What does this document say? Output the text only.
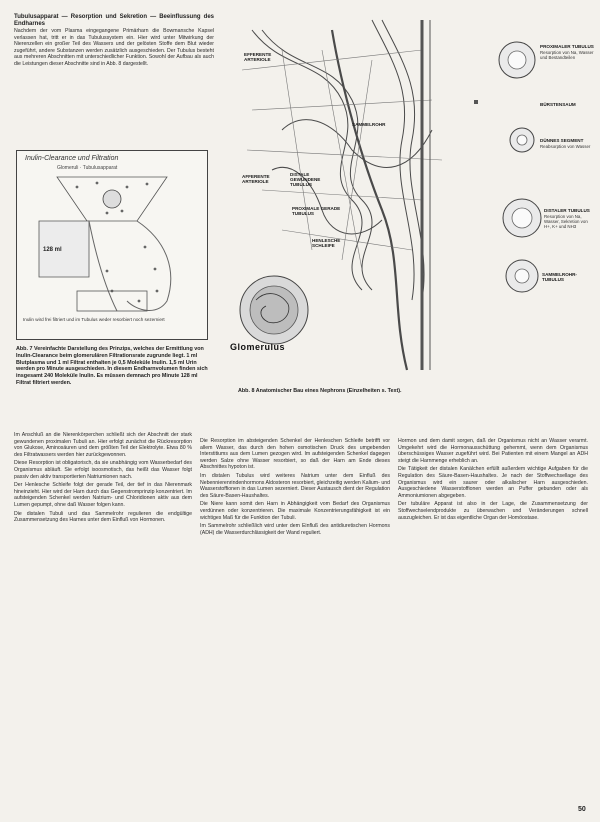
Tubulusapparat — Resorption und Sekretion — Beeinflussung des Endharnes

Nachdem der vom Plasma eingegangene Primärharn die Bowmansche Kapsel verlassen hat, tritt er in das Tubulussystem ein. Hier wird unter Mitwirkung der Nierenzellen ein großer Teil des Wassers und der gelösten Stoffe dem Blut wieder zugeführt, andere Substanzen werden zusätzlich ausgeschieden. Der Tubulus besteht aus mehreren Abschnitten mit unterschiedlicher Funktion. Sowohl der Aufbau als auch die Leistungen dieser Abschnitte sind in Abb. 8 dargestellt.

Inulin-Clearance und Filtration
Glomeruli · Tubulusapparat
128 ml
Inulin wird frei filtriert und im Tubulus weder resorbiert noch sezerniert
Abb. 7 Vereinfachte Darstellung des Prinzips, welches der Ermittlung von Inulin-Clearance beim glomerulären Filtrationsrate zugrunde liegt. 1 ml Blutplasma und 1 ml Filtrat enthalten je 0,5 Moleküle Inulin. 1,5 ml Urin werden pro Minute ausgeschieden. In diesem Endharnvolumen finden sich insgesamt 240 Moleküle Inulin. Es müssen demnach pro Minute 128 ml Filtrat filtriert werden.
EFFERENTE ARTERIOLE
AFFERENTE ARTERIOLE
DISTALE GEWUNDENE TUBULUS
PROXIMALE GERADE TUBULUS
HENLESCHE SCHLEIFE
SAMMELROHR
Glomerulus
PROXIMALER TUBULUS
Resorption von Na, Wasser und Bestandteilen
BÜRSTENSAUM
DÜNNES SEGMENT
Reabsorption von Wasser
DISTALER TUBULUS
Resorption von Na, Wasser, Sekretion von H+, K+ und NH3
SAMMELROHR-TUBULUS
Abb. 8 Anatomischer Bau eines Nephrons (Einzelheiten s. Text).

Im Anschluß an die Nierenkörperchen schließt sich der Abschnitt der stark gewundenen proximalen Tubuli an. Hier erfolgt zunächst die Rückresorption von Glukose, Aminosäuren und dem größten Teil der Elektrolyte. Etwa 80 % des Filtratwassers werden hier zurückgewonnen.

Diese Resorption ist obligatorisch, da sie unabhängig vom Wasserbedarf des Organismus abläuft. Sie erfolgt isoosmotisch, das heißt das Wasser folgt passiv den aktiv transportierten Natriumionen nach.

Der Henlesche Schleife folgt der gerade Teil, der tief in das Nierenmark hineinzieht. Hier wird der Harn durch das Gegenstromprinzip konzentriert. Im aufsteigenden Schenkel werden Natrium- und Chloridionen aktiv aus dem Lumen gepumpt, ohne daß Wasser folgen kann.

Die distalen Tubuli und das Sammelrohr regulieren die endgültige Zusammensetzung des Harnes unter dem Einfluß von Hormonen.

Die Resorption im absteigenden Schenkel der Henleschen Schleife betrifft vor allem Wasser, das durch den hohen osmotischen Druck des umgebenden Interstitiums aus dem Lumen gezogen wird. Im aufsteigenden Schenkel dagegen werden Salze ohne Wasser resorbiert, so daß der Harn am Ende dieses Abschnittes hypoton ist.

Im distalen Tubulus wird weiteres Natrium unter dem Einfluß des Nebennierenrindenhormons Aldosteron resorbiert, gleichzeitig werden Kalium- und Wasserstoffionen in das Lumen sezerniert. Dieser Austausch dient der Regulation des Säure-Basen-Haushaltes.

Die Niere kann somit den Harn in Abhängigkeit vom Bedarf des Organismus verdünnen oder konzentrieren. Die maximale Konzentrierungsfähigkeit ist ein wichtiges Maß für die Funktion der Tubuli.

Im Sammelrohr schließlich wird unter dem Einfluß des antidiuretischen Hormons (ADH) die Wasserdurchlässigkeit der Wand reguliert.

Hormon und dem damit sorgen, daß der Organismus nicht an Wasser verarmt. Umgekehrt wird die Hormonausschüttung gehemmt, wenn dem Organismus überschüssiges Wasser zugeführt wird. Bei Patienten mit einem Mangel an ADH steigt die Harnmenge erheblich an.

Die Tätigkeit der distalen Kanälchen erfüllt außerdem wichtige Aufgaben für die Regulation des Säure-Basen-Haushaltes. Je nach der Stoffwechsellage des Organismus wird ein saurer oder alkalischer Harn ausgeschieden. Ausgeschiedene Wasserstoffionen werden an Puffer gebunden oder als Ammoniumionen abgegeben.

Der tubuläre Apparat ist also in der Lage, die Zusammensetzung der Stoffwechselendprodukte zu überwachen und Veränderungen schnell auszugleichen. Er ist das eigentliche Organ der Homöostase.

50
